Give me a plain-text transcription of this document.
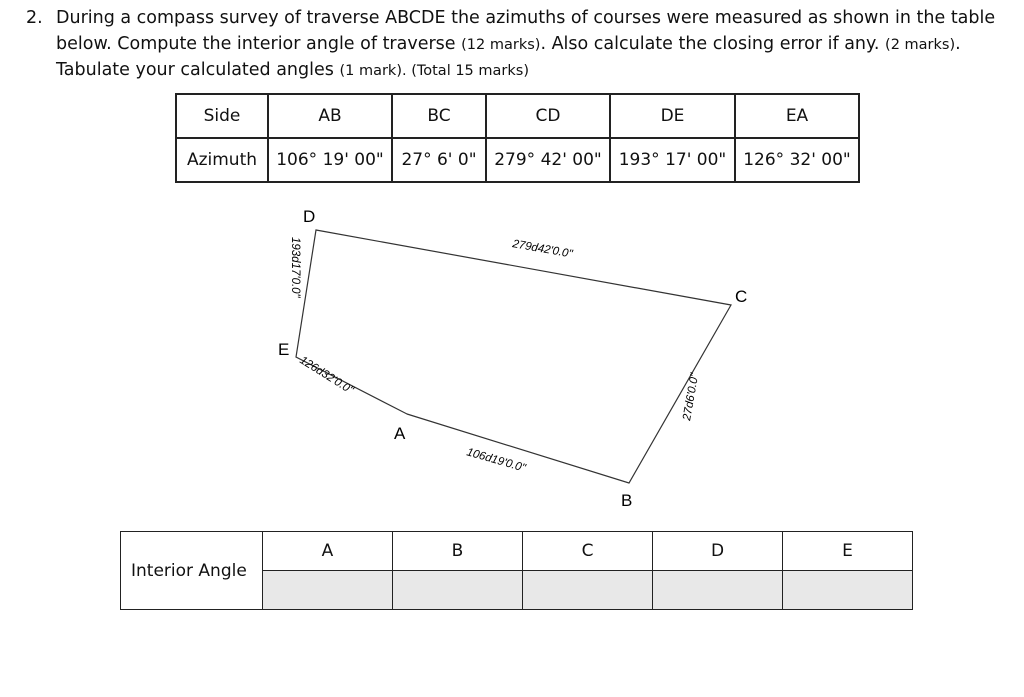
2. During a compass survey of traverse ABCDE the azimuths of courses were measured as shown in the table
below. Compute the interior angle of traverse (12 marks). Also calculate the closing error if any. (2 marks).
Tabulate your calculated angles (1 mark). (Total 15 marks)
Side	AB	BC	CD	DE	EA
Azimuth	106° 19' 00"	27° 6' 0"	279° 42' 00"	193° 17' 00"	126° 32' 00"
A
B
C
D
E
279d42'0.0"
193d17'0.0"
126d32'0.0"
106d19'0.0"
27d6'0.0"
Interior Angle	A	B	C	D	E
